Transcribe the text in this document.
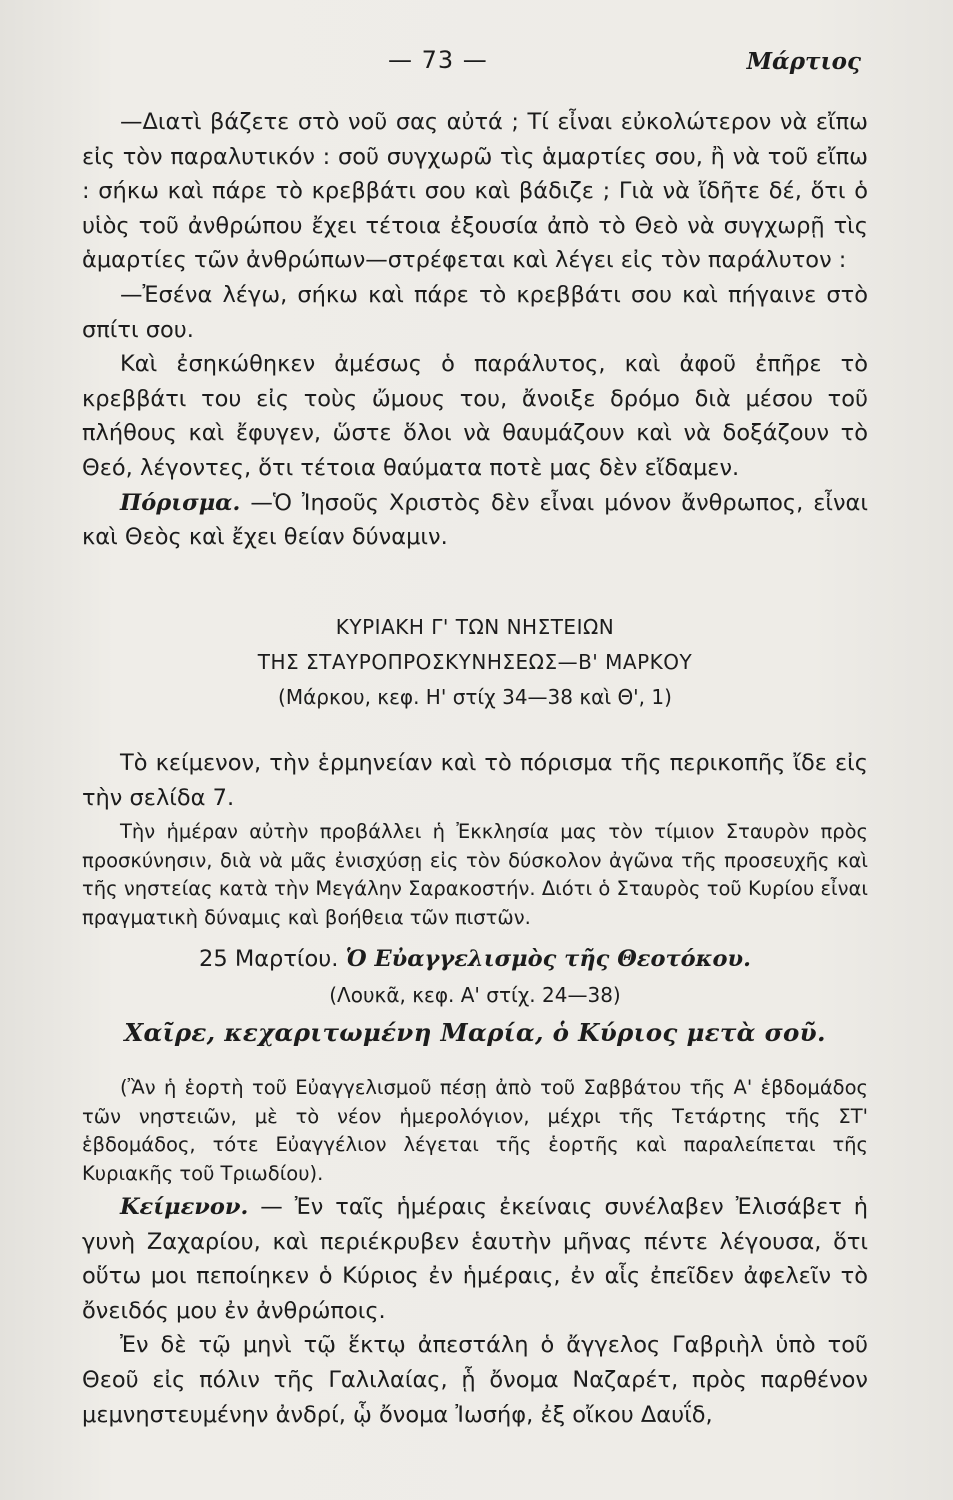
— 73 —	Μάρτιος

—Διατὶ βάζετε στὸ νοῦ σας αὐτά ; Τί εἶναι εὐκολώτερον νὰ εἴπω εἰς τὸν παραλυτικόν : σοῦ συγχωρῶ τὶς ἁμαρτίες σου, ἢ νὰ τοῦ εἴπω : σήκω καὶ πάρε τὸ κρεββάτι σου καὶ βάδιζε ; Γιὰ νὰ ἴδῆτε δέ, ὅτι ὁ υἱὸς τοῦ ἀνθρώπου ἔχει τέτοια ἐξουσία ἀπὸ τὸ Θεὸ νὰ συγχωρῇ τὶς ἁμαρτίες τῶν ἀνθρώπων—στρέφεται καὶ λέγει εἰς τὸν παράλυτον :

—Ἐσένα λέγω, σήκω καὶ πάρε τὸ κρεββάτι σου καὶ πήγαινε στὸ σπίτι σου.

Καὶ ἐσηκώθηκεν ἀμέσως ὁ παράλυτος, καὶ ἀφοῦ ἐπῆρε τὸ κρεββάτι του εἰς τοὺς ὤμους του, ἄνοιξε δρόμο διὰ μέσου τοῦ πλήθους καὶ ἔφυγεν, ὥστε ὅλοι νὰ θαυμάζουν καὶ νὰ δοξάζουν τὸ Θεό, λέγοντες, ὅτι τέτοια θαύματα ποτὲ μας δὲν εἴδαμεν.

Πόρισμα. —Ὁ Ἰησοῦς Χριστὸς δὲν εἶναι μόνον ἄνθρωπος, εἶναι καὶ Θεὸς καὶ ἔχει θείαν δύναμιν.

ΚΥΡΙΑΚΗ Γ' ΤΩΝ ΝΗΣΤΕΙΩΝ

ΤΗΣ ΣΤΑΥΡΟΠΡΟΣΚΥΝΗΣΕΩΣ—Β' ΜΑΡΚΟΥ

(Μάρκου, κεφ. Η' στίχ 34—38 καὶ Θ', 1)

Τὸ κείμενον, τὴν ἑρμηνείαν καὶ τὸ πόρισμα τῆς περικοπῆς ἴδε εἰς τὴν σελίδα 7.

Τὴν ἡμέραν αὐτὴν προβάλλει ἡ Ἐκκλησία μας τὸν τίμιον Σταυρὸν πρὸς προσκύνησιν, διὰ νὰ μᾶς ἐνισχύσῃ εἰς τὸν δύσκολον ἀγῶνα τῆς προσευχῆς καὶ τῆς νηστείας κατὰ τὴν Μεγάλην Σαρακοστήν. Διότι ὁ Σταυρὸς τοῦ Κυρίου εἶναι πραγματικὴ δύναμις καὶ βοήθεια τῶν πιστῶν.

25 Μαρτίου. Ὁ Εὐαγγελισμὸς τῆς Θεοτόκου.

(Λουκᾶ, κεφ. Α' στίχ. 24—38)

Χαῖρε, κεχαριτωμένη Μαρία, ὁ Κύριος μετὰ σοῦ.

(Ἂν ἡ ἑορτὴ τοῦ Εὐαγγελισμοῦ πέσῃ ἀπὸ τοῦ Σαββάτου τῆς Α' ἑβδομάδος τῶν νηστειῶν, μὲ τὸ νέον ἡμερολόγιον, μέχρι τῆς Τετάρτης τῆς ΣΤ' ἑβδομάδος, τότε Εὐαγγέλιον λέγεται τῆς ἑορτῆς καὶ παραλείπεται τῆς Κυριακῆς τοῦ Τριωδίου).

Κείμενον. — Ἐν ταῖς ἡμέραις ἐκείναις συνέλαβεν Ἐλισάβετ ἡ γυνὴ Ζαχαρίου, καὶ περιέκρυβεν ἑαυτὴν μῆνας πέντε λέγουσα, ὅτι οὕτω μοι πεποίηκεν ὁ Κύριος ἐν ἡμέραις, ἐν αἷς ἐπεῖδεν ἀφελεῖν τὸ ὄνειδός μου ἐν ἀνθρώποις.

Ἐν δὲ τῷ μηνὶ τῷ ἕκτῳ ἀπεστάλη ὁ ἄγγελος Γαβριὴλ ὑπὸ τοῦ Θεοῦ εἰς πόλιν τῆς Γαλιλαίας, ᾗ ὄνομα Ναζαρέτ, πρὸς παρθένον μεμνηστευμένην ἀνδρί, ᾧ ὄνομα Ἰωσήφ, ἐξ οἴκου Δαυΐδ,
